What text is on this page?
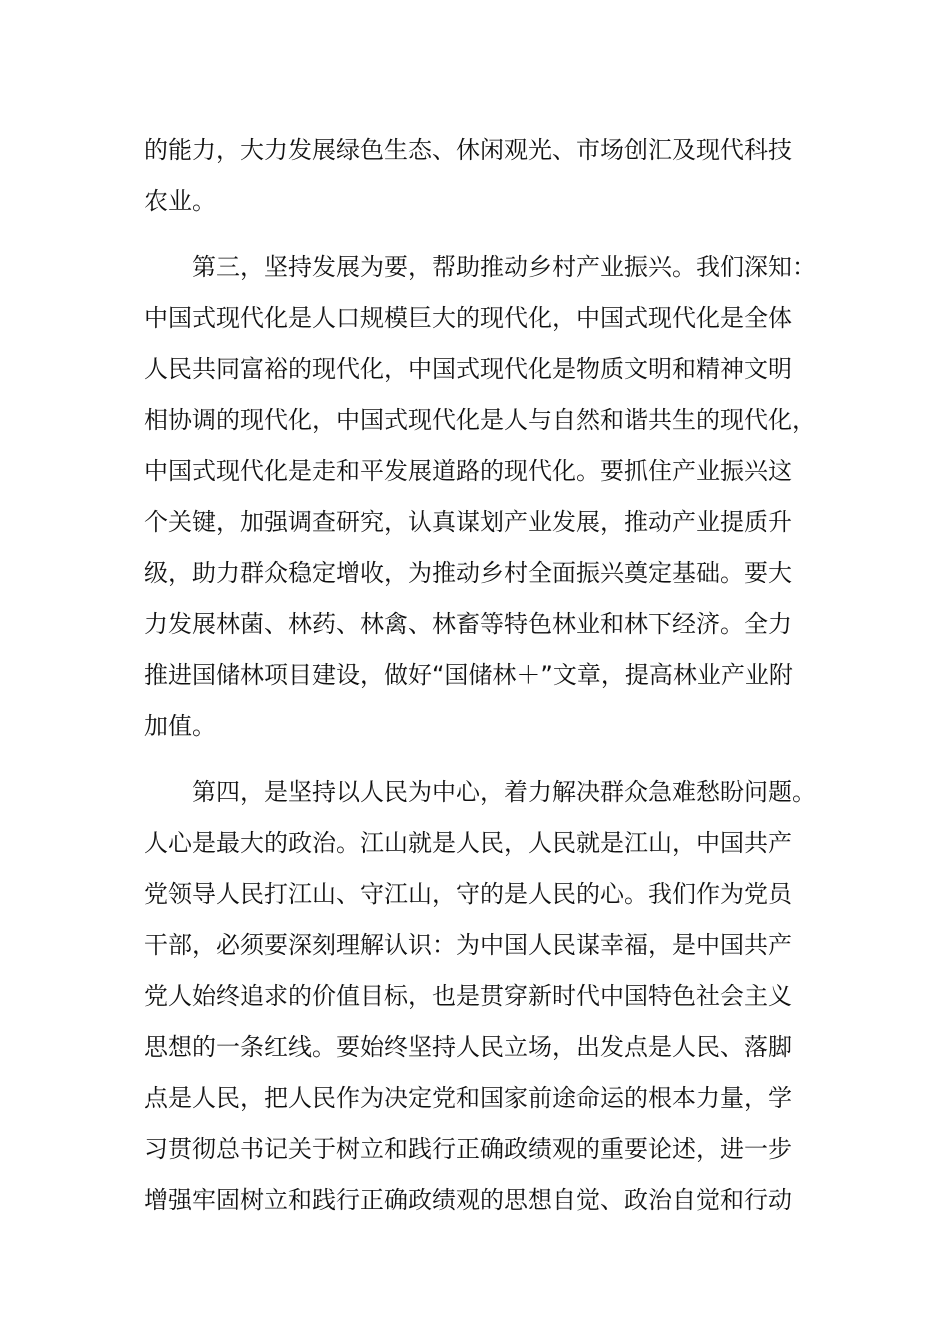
的能力，大力发展绿色生态、休闲观光、市场创汇及现代科技
农业。
第三，坚持发展为要，帮助推动乡村产业振兴。我们深知：
中国式现代化是人口规模巨大的现代化，中国式现代化是全体
人民共同富裕的现代化，中国式现代化是物质文明和精神文明
相协调的现代化，中国式现代化是人与自然和谐共生的现代化，
中国式现代化是走和平发展道路的现代化。要抓住产业振兴这
个关键，加强调查研究，认真谋划产业发展，推动产业提质升
级，助力群众稳定增收，为推动乡村全面振兴奠定基础。要大
力发展林菌、林药、林禽、林畜等特色林业和林下经济。全力
推进国储林项目建设，做好“国储林＋”文章，提高林业产业附
加值。
第四，是坚持以人民为中心，着力解决群众急难愁盼问题。
人心是最大的政治。江山就是人民，人民就是江山，中国共产
党领导人民打江山、守江山，守的是人民的心。我们作为党员
干部，必须要深刻理解认识：为中国人民谋幸福，是中国共产
党人始终追求的价值目标，也是贯穿新时代中国特色社会主义
思想的一条红线。要始终坚持人民立场，出发点是人民、落脚
点是人民，把人民作为决定党和国家前途命运的根本力量，学
习贯彻总书记关于树立和践行正确政绩观的重要论述，进一步
增强牢固树立和践行正确政绩观的思想自觉、政治自觉和行动
